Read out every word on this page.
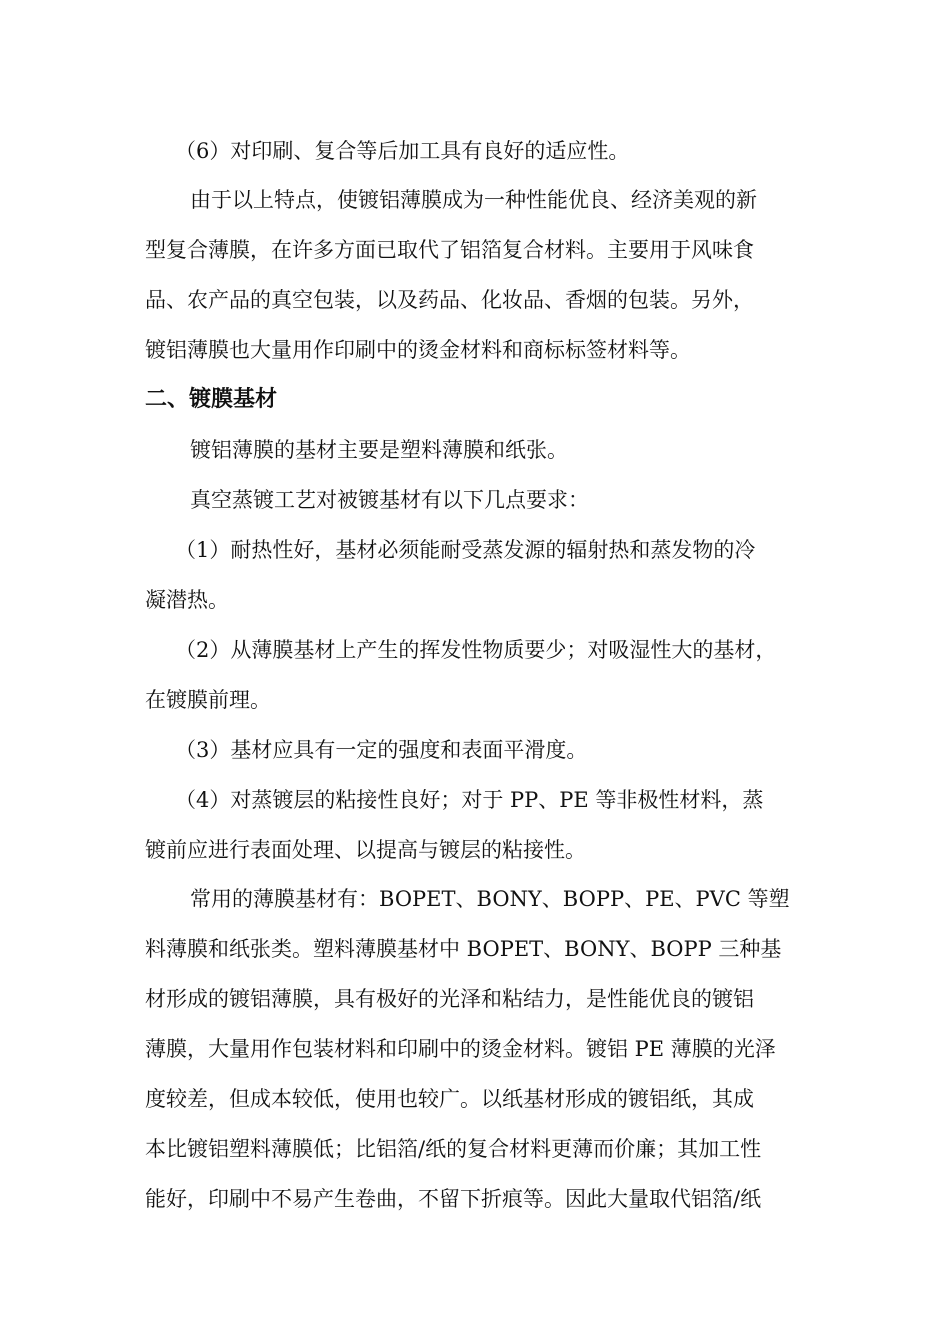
（6）对印刷、复合等后加工具有良好的适应性。
由于以上特点，使镀铝薄膜成为一种性能优良、经济美观的新
型复合薄膜，在许多方面已取代了铝箔复合材料。主要用于风味食
品、农产品的真空包装，以及药品、化妆品、香烟的包装。另外，
镀铝薄膜也大量用作印刷中的烫金材料和商标标签材料等。
二、镀膜基材
镀铝薄膜的基材主要是塑料薄膜和纸张。
真空蒸镀工艺对被镀基材有以下几点要求：
（1）耐热性好，基材必须能耐受蒸发源的辐射热和蒸发物的冷
凝潜热。
（2）从薄膜基材上产生的挥发性物质要少；对吸湿性大的基材，
在镀膜前理。
（3）基材应具有一定的强度和表面平滑度。
（4）对蒸镀层的粘接性良好；对于 PP、PE 等非极性材料，蒸
镀前应进行表面处理、以提高与镀层的粘接性。
常用的薄膜基材有：BOPET、BONY、BOPP、PE、PVC 等塑
料薄膜和纸张类。塑料薄膜基材中 BOPET、BONY、BOPP 三种基
材形成的镀铝薄膜，具有极好的光泽和粘结力，是性能优良的镀铝
薄膜，大量用作包装材料和印刷中的烫金材料。镀铝 PE 薄膜的光泽
度较差，但成本较低，使用也较广。以纸基材形成的镀铝纸，其成
本比镀铝塑料薄膜低；比铝箔/纸的复合材料更薄而价廉；其加工性
能好，印刷中不易产生卷曲，不留下折痕等。因此大量取代铝箔/纸
